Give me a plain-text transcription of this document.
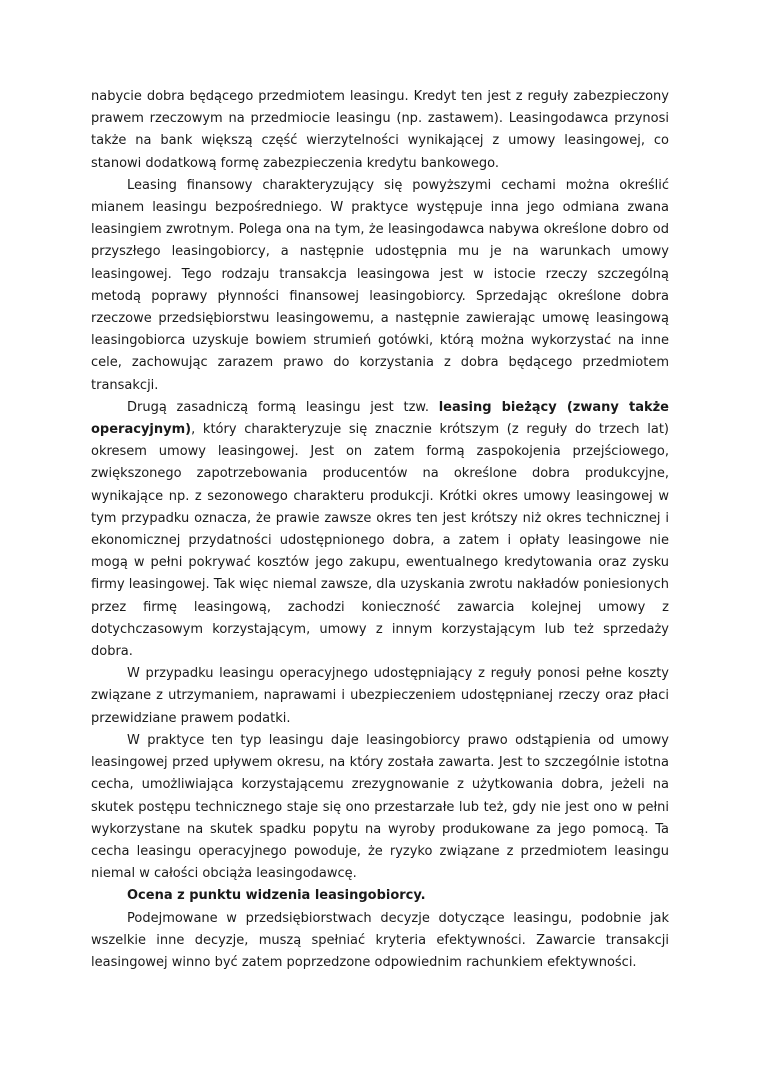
nabycie dobra będącego przedmiotem leasingu. Kredyt ten jest z reguły zabezpieczony prawem rzeczowym na przedmiocie leasingu (np. zastawem). Leasingodawca przynosi także na bank większą część wierzytelności wynikającej z umowy leasingowej, co stanowi dodatkową formę zabezpieczenia kredytu bankowego.

Leasing finansowy charakteryzujący się powyższymi cechami można określić mianem leasingu bezpośredniego. W praktyce występuje inna jego odmiana zwana leasingiem zwrotnym. Polega ona na tym, że leasingodawca nabywa określone dobro od przyszłego leasingobiorcy, a następnie udostępnia mu je na warunkach umowy leasingowej. Tego rodzaju transakcja leasingowa jest w istocie rzeczy szczególną metodą poprawy płynności finansowej leasingobiorcy. Sprzedając określone dobra rzeczowe przedsiębiorstwu leasingowemu, a następnie zawierając umowę leasingową leasingobiorca uzyskuje bowiem strumień gotówki, którą można wykorzystać na inne cele, zachowując zarazem prawo do korzystania z dobra będącego przedmiotem transakcji.

Drugą zasadniczą formą leasingu jest tzw. leasing bieżący (zwany także operacyjnym), który charakteryzuje się znacznie krótszym (z reguły do trzech lat) okresem umowy leasingowej. Jest on zatem formą zaspokojenia przejściowego, zwiększonego zapotrzebowania producentów na określone dobra produkcyjne, wynikające np. z sezonowego charakteru produkcji. Krótki okres umowy leasingowej w tym przypadku oznacza, że prawie zawsze okres ten jest krótszy niż okres technicznej i ekonomicznej przydatności udostępnionego dobra, a zatem i opłaty leasingowe nie mogą w pełni pokrywać kosztów jego zakupu, ewentualnego kredytowania oraz zysku firmy leasingowej. Tak więc niemal zawsze, dla uzyskania zwrotu nakładów poniesionych przez firmę leasingową, zachodzi konieczność zawarcia kolejnej umowy z dotychczasowym korzystającym, umowy z innym korzystającym lub też sprzedaży dobra.

W przypadku leasingu operacyjnego udostępniający z reguły ponosi pełne koszty związane z utrzymaniem, naprawami i ubezpieczeniem udostępnianej rzeczy oraz płaci przewidziane prawem podatki.

W praktyce ten typ leasingu daje leasingobiorcy prawo odstąpienia od umowy leasingowej przed upływem okresu, na który została zawarta. Jest to szczególnie istotna cecha, umożliwiająca korzystającemu zrezygnowanie z użytkowania dobra, jeżeli na skutek postępu technicznego staje się ono przestarzałe lub też, gdy nie jest ono w pełni wykorzystane na skutek spadku popytu na wyroby produkowane za jego pomocą. Ta cecha leasingu operacyjnego powoduje, że ryzyko związane z przedmiotem leasingu niemal w całości obciąża leasingodawcę.

Ocena z punktu widzenia leasingobiorcy.

Podejmowane w przedsiębiorstwach decyzje dotyczące leasingu, podobnie jak wszelkie inne decyzje, muszą spełniać kryteria efektywności. Zawarcie transakcji leasingowej winno być zatem poprzedzone odpowiednim rachunkiem efektywności.
